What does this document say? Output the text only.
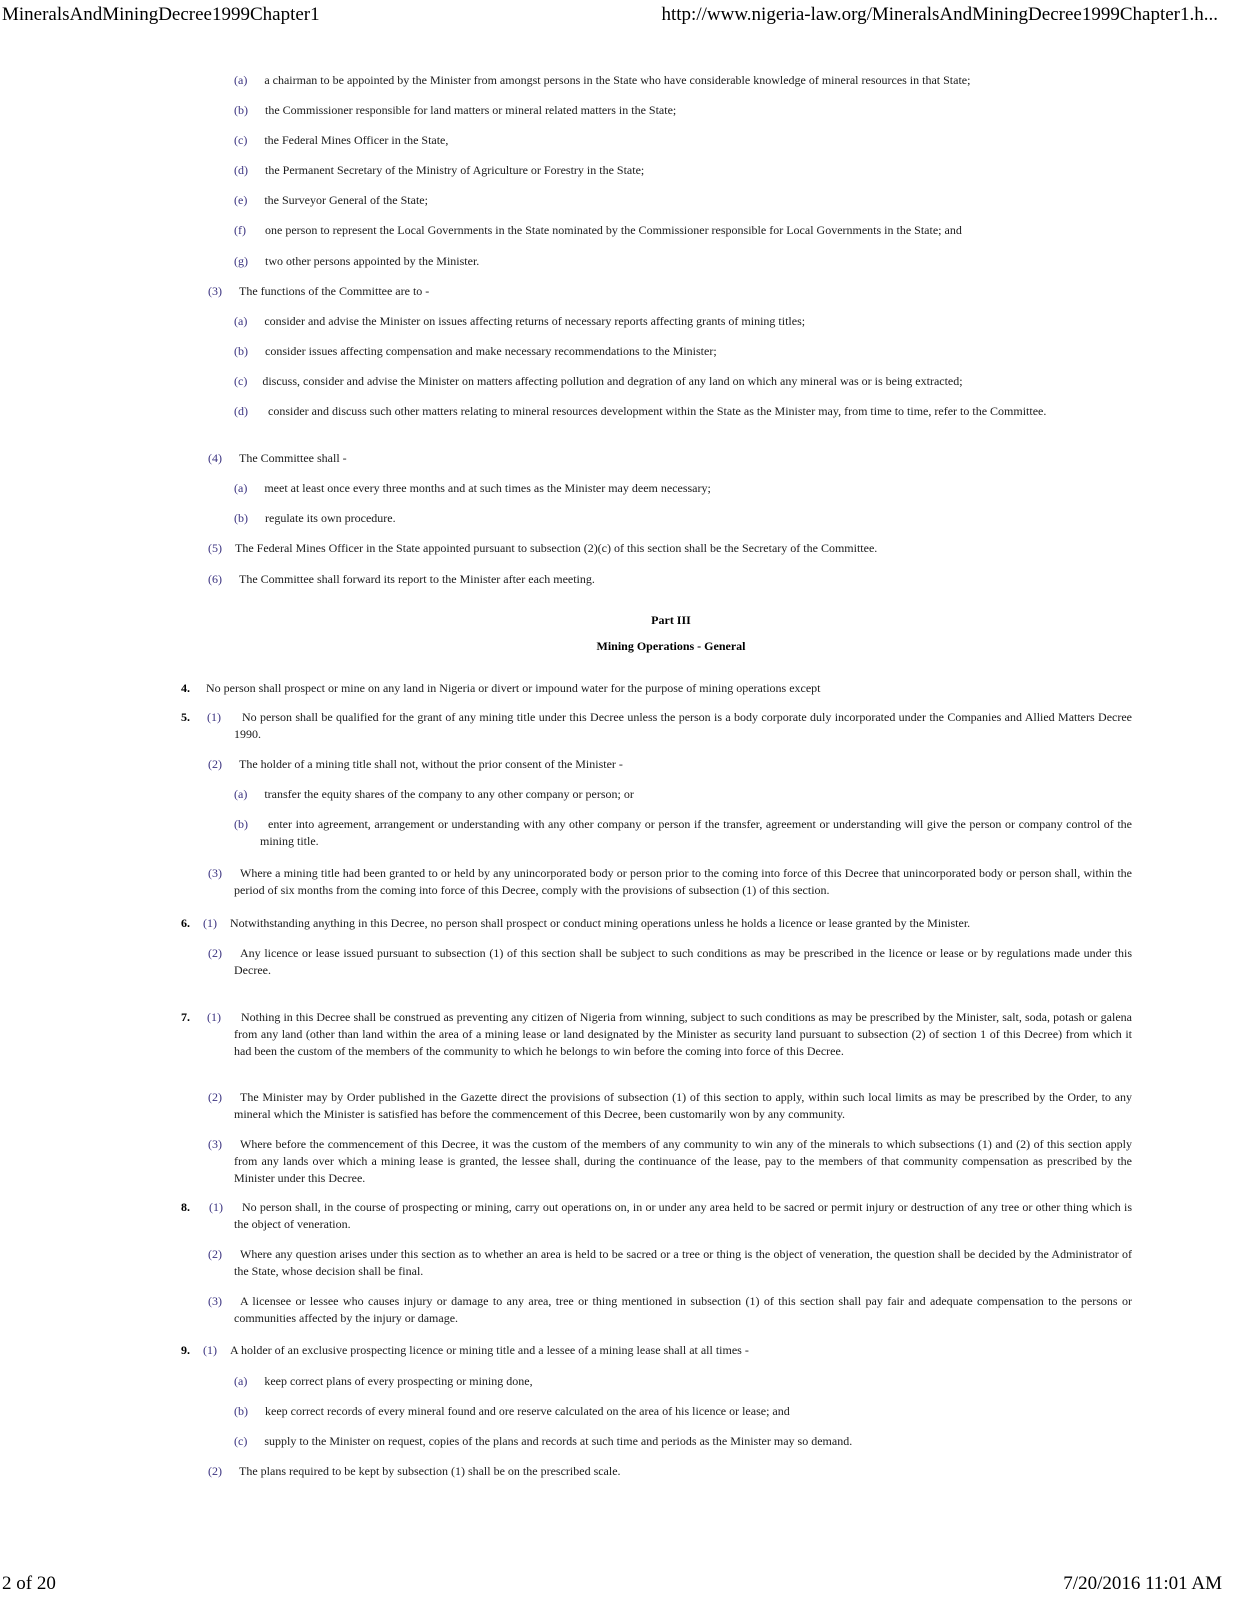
MineralsAndMiningDecree1999Chapter1	http://www.nigeria-law.org/MineralsAndMiningDecree1999Chapter1.h...
(a) a chairman to be appointed by the Minister from amongst persons in the State who have considerable knowledge of mineral resources in that State;
(b) the Commissioner responsible for land matters or mineral related matters in the State;
(c) the Federal Mines Officer in the State,
(d) the Permanent Secretary of the Ministry of Agriculture or Forestry in the State;
(e) the Surveyor General of the State;
(f) one person to represent the Local Governments in the State nominated by the Commissioner responsible for Local Governments in the State; and
(g) two other persons appointed by the Minister.
(3) The functions of the Committee are to -
(a) consider and advise the Minister on issues affecting returns of necessary reports affecting grants of mining titles;
(b) consider issues affecting compensation and make necessary recommendations to the Minister;
(c) discuss, consider and advise the Minister on matters affecting pollution and degration of any land on which any mineral was or is being extracted;
(d) consider and discuss such other matters relating to mineral resources development within the State as the Minister may, from time to time, refer to the Committee.
(4) The Committee shall -
(a) meet at least once every three months and at such times as the Minister may deem necessary;
(b) regulate its own procedure.
(5) The Federal Mines Officer in the State appointed pursuant to subsection (2)(c) of this section shall be the Secretary of the Committee.
(6) The Committee shall forward its report to the Minister after each meeting.
Part III
Mining Operations - General
4. No person shall prospect or mine on any land in Nigeria or divert or impound water for the purpose of mining operations except
5. (1) No person shall be qualified for the grant of any mining title under this Decree unless the person is a body corporate duly incorporated under the Companies and Allied Matters Decree 1990.
(2) The holder of a mining title shall not, without the prior consent of the Minister -
(a) transfer the equity shares of the company to any other company or person; or
(b) enter into agreement, arrangement or understanding with any other company or person if the transfer, agreement or understanding will give the person or company control of the mining title.
(3) Where a mining title had been granted to or held by any unincorporated body or person prior to the coming into force of this Decree that unincorporated body or person shall, within the period of six months from the coming into force of this Decree, comply with the provisions of subsection (1) of this section.
6. (1) Notwithstanding anything in this Decree, no person shall prospect or conduct mining operations unless he holds a licence or lease granted by the Minister.
(2) Any licence or lease issued pursuant to subsection (1) of this section shall be subject to such conditions as may be prescribed in the licence or lease or by regulations made under this Decree.
7. (1) Nothing in this Decree shall be construed as preventing any citizen of Nigeria from winning, subject to such conditions as may be prescribed by the Minister, salt, soda, potash or galena from any land (other than land within the area of a mining lease or land designated by the Minister as security land pursuant to subsection (2) of section 1 of this Decree) from which it had been the custom of the members of the community to which he belongs to win before the coming into force of this Decree.
(2) The Minister may by Order published in the Gazette direct the provisions of subsection (1) of this section to apply, within such local limits as may be prescribed by the Order, to any mineral which the Minister is satisfied has before the commencement of this Decree, been customarily won by any community.
(3) Where before the commencement of this Decree, it was the custom of the members of any community to win any of the minerals to which subsections (1) and (2) of this section apply from any lands over which a mining lease is granted, the lessee shall, during the continuance of the lease, pay to the members of that community compensation as prescribed by the Minister under this Decree.
8. (1) No person shall, in the course of prospecting or mining, carry out operations on, in or under any area held to be sacred or permit injury or destruction of any tree or other thing which is the object of veneration.
(2) Where any question arises under this section as to whether an area is held to be sacred or a tree or thing is the object of veneration, the question shall be decided by the Administrator of the State, whose decision shall be final.
(3) A licensee or lessee who causes injury or damage to any area, tree or thing mentioned in subsection (1) of this section shall pay fair and adequate compensation to the persons or communities affected by the injury or damage.
9. (1) A holder of an exclusive prospecting licence or mining title and a lessee of a mining lease shall at all times -
(a) keep correct plans of every prospecting or mining done,
(b) keep correct records of every mineral found and ore reserve calculated on the area of his licence or lease; and
(c) supply to the Minister on request, copies of the plans and records at such time and periods as the Minister may so demand.
(2) The plans required to be kept by subsection (1) shall be on the prescribed scale.
2 of 20	7/20/2016 11:01 AM
